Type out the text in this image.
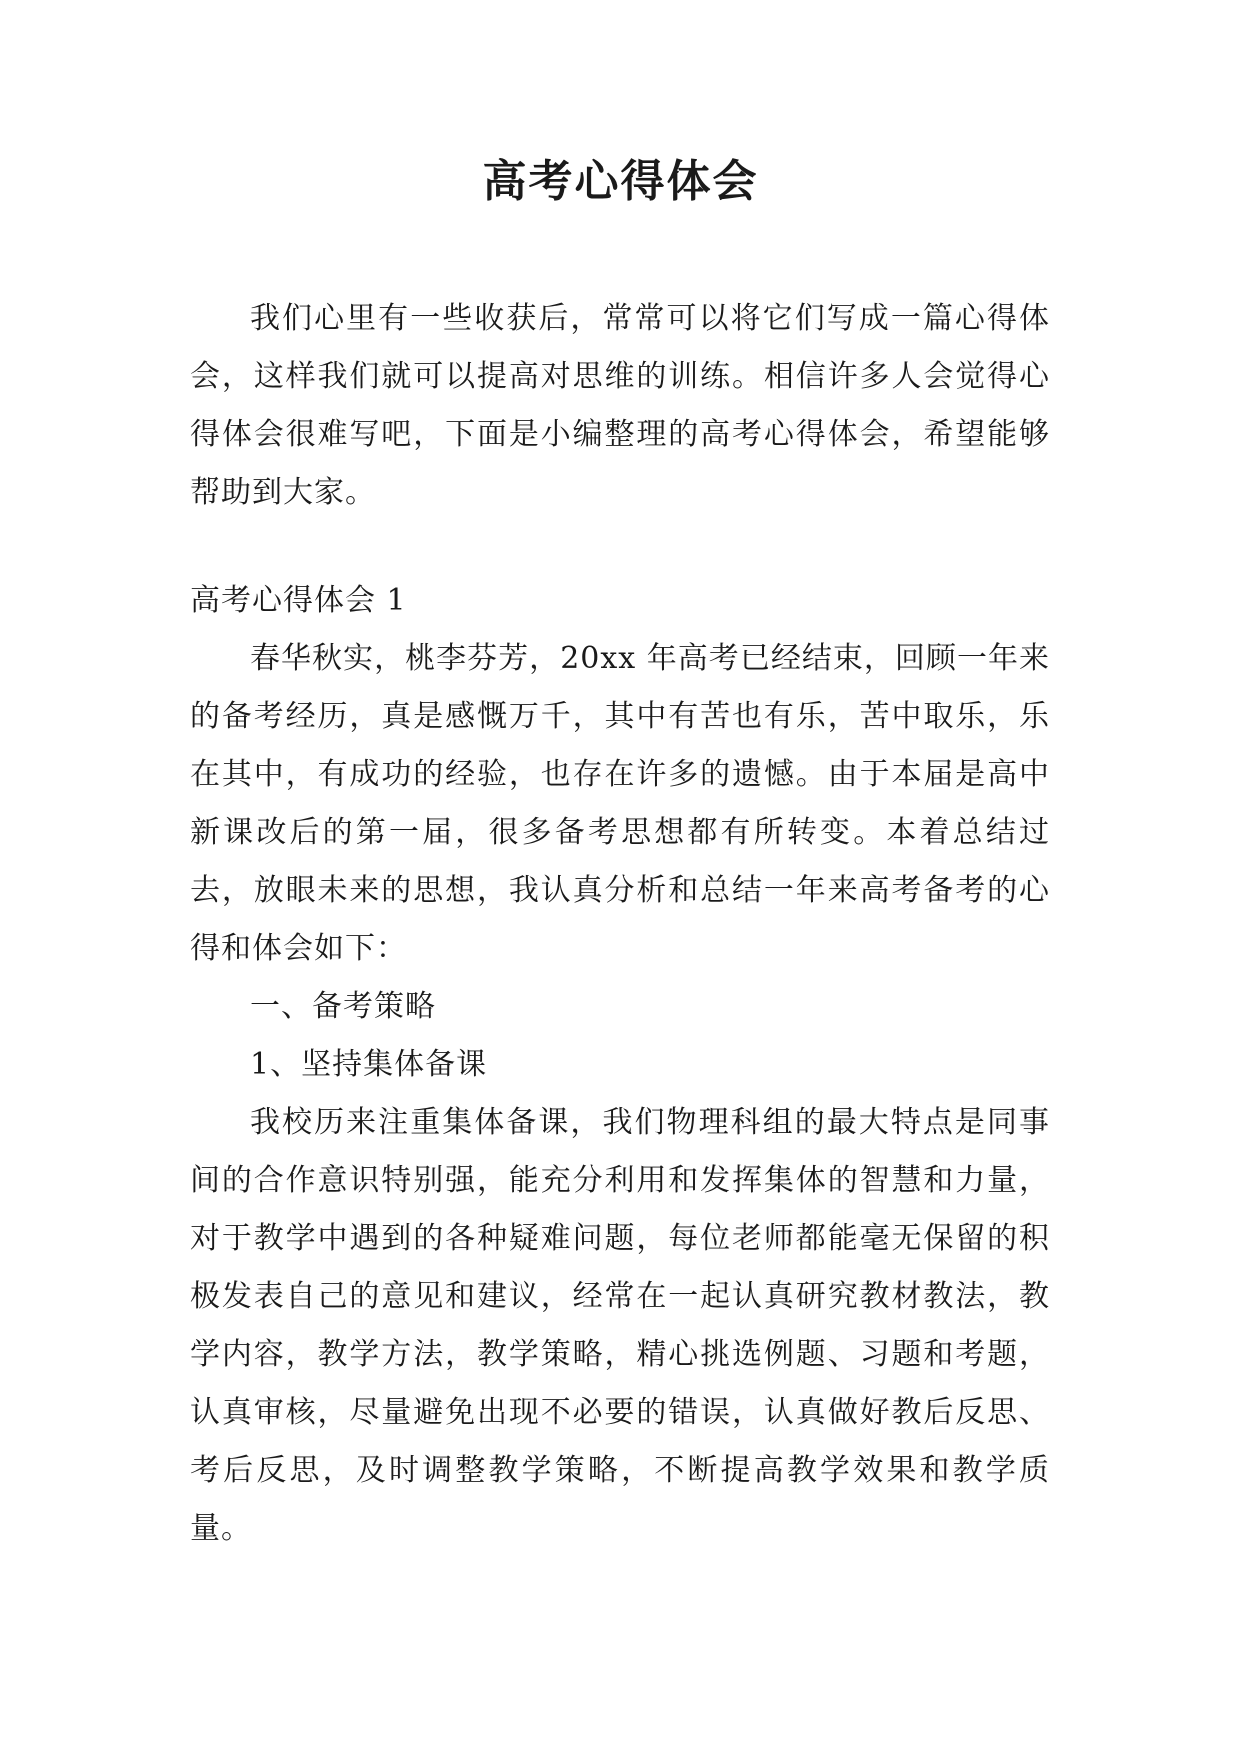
高考心得体会

我们心里有一些收获后，常常可以将它们写成一篇心得体会，这样我们就可以提高对思维的训练。相信许多人会觉得心得体会很难写吧，下面是小编整理的高考心得体会，希望能够帮助到大家。

高考心得体会 1

春华秋实，桃李芬芳，20xx 年高考已经结束，回顾一年来的备考经历，真是感慨万千，其中有苦也有乐，苦中取乐，乐在其中，有成功的经验，也存在许多的遗憾。由于本届是高中新课改后的第一届，很多备考思想都有所转变。本着总结过去，放眼未来的思想，我认真分析和总结一年来高考备考的心得和体会如下：

一、备考策略

1、坚持集体备课

我校历来注重集体备课，我们物理科组的最大特点是同事间的合作意识特别强，能充分利用和发挥集体的智慧和力量，对于教学中遇到的各种疑难问题，每位老师都能毫无保留的积极发表自己的意见和建议，经常在一起认真研究教材教法，教学内容，教学方法，教学策略，精心挑选例题、习题和考题，认真审核，尽量避免出现不必要的错误，认真做好教后反思、考后反思，及时调整教学策略，不断提高教学效果和教学质量。
